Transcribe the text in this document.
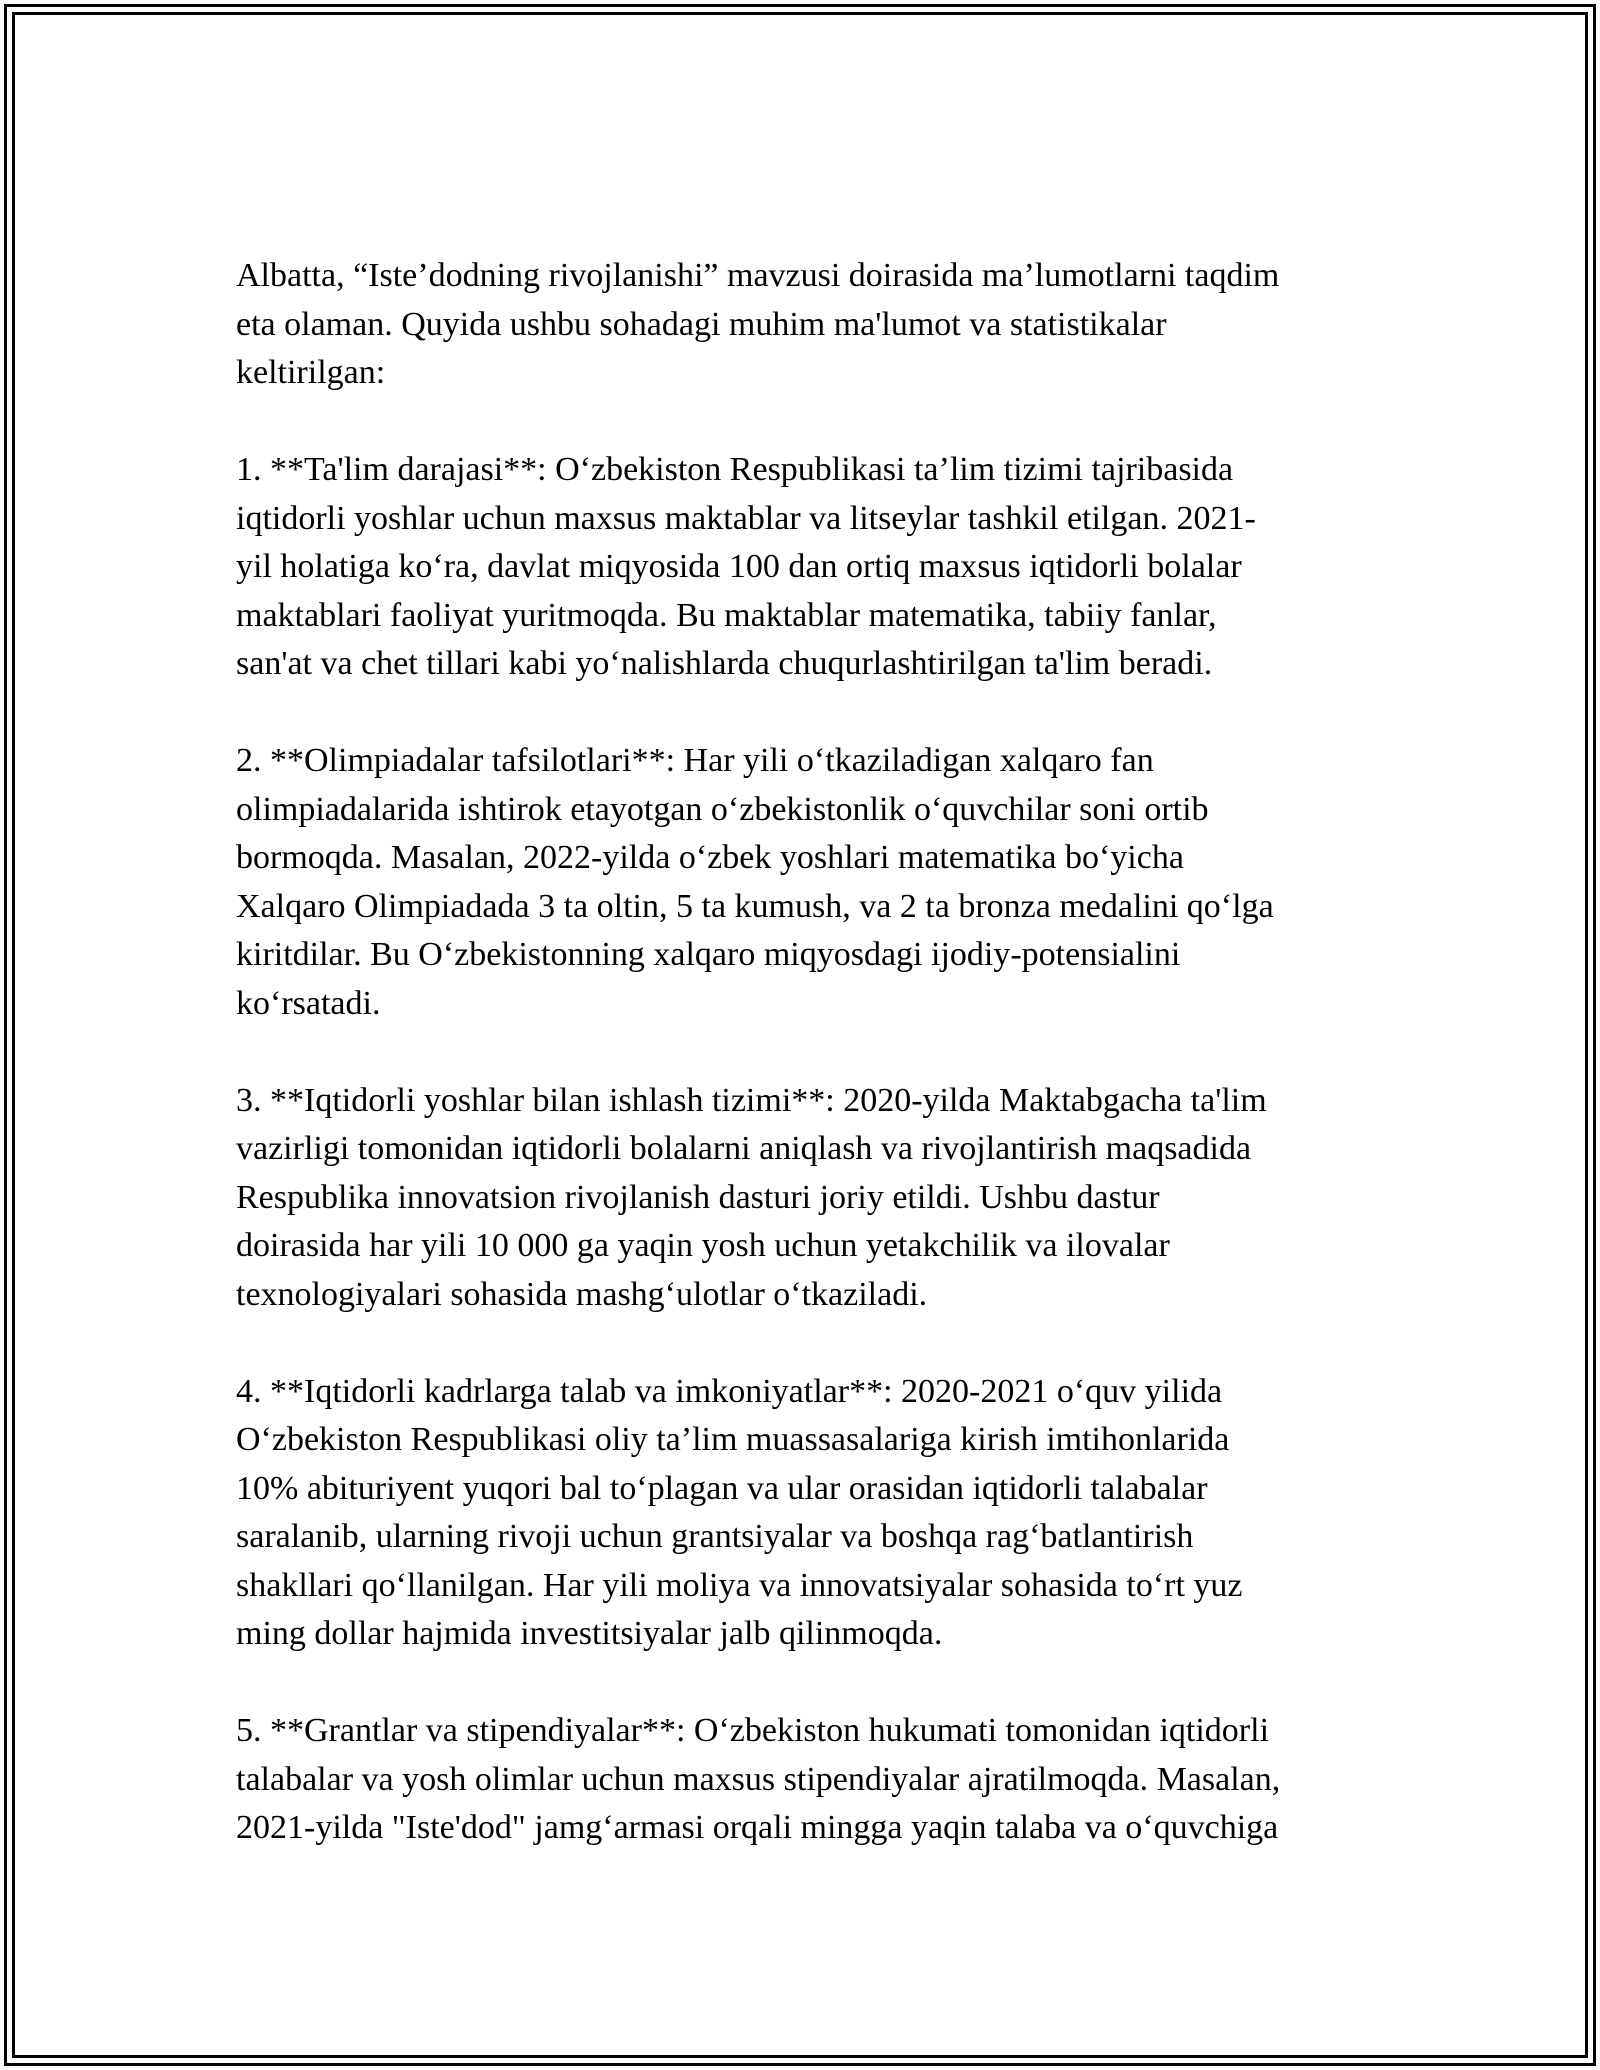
Albatta, “Iste’dodning rivojlanishi” mavzusi doirasida ma’lumotlarni taqdim
eta olaman. Quyida ushbu sohadagi muhim ma'lumot va statistikalar
keltirilgan:

1. **Ta'lim darajasi**: O‘zbekiston Respublikasi ta’lim tizimi tajribasida
iqtidorli yoshlar uchun maxsus maktablar va litseylar tashkil etilgan. 2021-
yil holatiga ko‘ra, davlat miqyosida 100 dan ortiq maxsus iqtidorli bolalar
maktablari faoliyat yuritmoqda. Bu maktablar matematika, tabiiy fanlar,
san'at va chet tillari kabi yo‘nalishlarda chuqurlashtirilgan ta'lim beradi.

2. **Olimpiadalar tafsilotlari**: Har yili o‘tkaziladigan xalqaro fan
olimpiadalarida ishtirok etayotgan o‘zbekistonlik o‘quvchilar soni ortib
bormoqda. Masalan, 2022-yilda o‘zbek yoshlari matematika bo‘yicha
Xalqaro Olimpiadada 3 ta oltin, 5 ta kumush, va 2 ta bronza medalini qo‘lga
kiritdilar. Bu O‘zbekistonning xalqaro miqyosdagi ijodiy-potensialini
ko‘rsatadi.

3. **Iqtidorli yoshlar bilan ishlash tizimi**: 2020-yilda Maktabgacha ta'lim
vazirligi tomonidan iqtidorli bolalarni aniqlash va rivojlantirish maqsadida
Respublika innovatsion rivojlanish dasturi joriy etildi. Ushbu dastur
doirasida har yili 10 000 ga yaqin yosh uchun yetakchilik va ilovalar
texnologiyalari sohasida mashg‘ulotlar o‘tkaziladi.

4. **Iqtidorli kadrlarga talab va imkoniyatlar**: 2020-2021 o‘quv yilida
O‘zbekiston Respublikasi oliy ta’lim muassasalariga kirish imtihonlarida
10% abituriyent yuqori bal to‘plagan va ular orasidan iqtidorli talabalar
saralanib, ularning rivoji uchun grantsiyalar va boshqa rag‘batlantirish
shakllari qo‘llanilgan. Har yili moliya va innovatsiyalar sohasida to‘rt yuz
ming dollar hajmida investitsiyalar jalb qilinmoqda.

5. **Grantlar va stipendiyalar**: O‘zbekiston hukumati tomonidan iqtidorli
talabalar va yosh olimlar uchun maxsus stipendiyalar ajratilmoqda. Masalan,
2021-yilda "Iste'dod" jamg‘armasi orqali mingga yaqin talaba va o‘quvchiga
